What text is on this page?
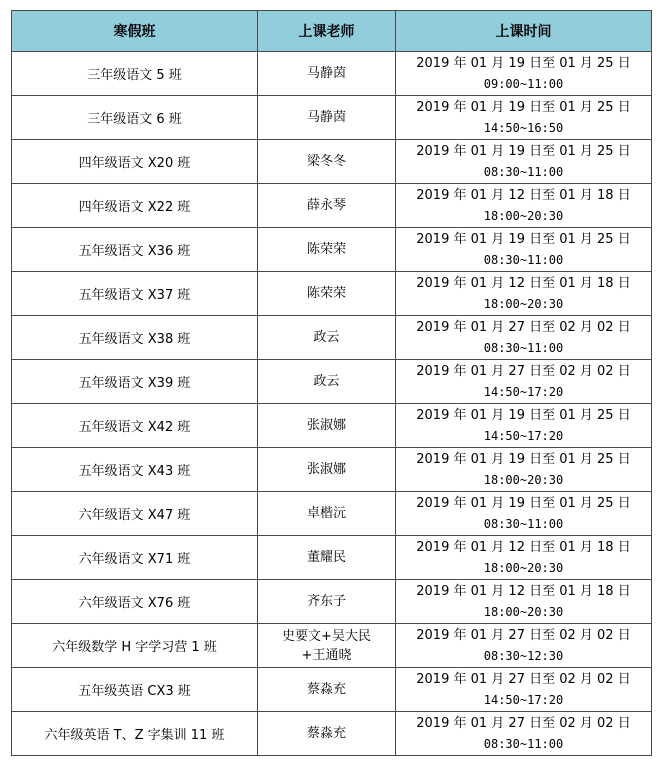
寒假班	上课老师	上课时间
三年级语文 5 班	马静茵	2019 年 01 月 19 日至 01 月 25 日
09:00~11:00

三年级语文 6 班	马静茵	2019 年 01 月 19 日至 01 月 25 日
14:50~16:50

四年级语文 X20 班	梁冬冬	2019 年 01 月 19 日至 01 月 25 日
08:30~11:00

四年级语文 X22 班	薛永琴	2019 年 01 月 12 日至 01 月 18 日
18:00~20:30

五年级语文 X36 班	陈荣荣	2019 年 01 月 19 日至 01 月 25 日
08:30~11:00

五年级语文 X37 班	陈荣荣	2019 年 01 月 12 日至 01 月 18 日
18:00~20:30

五年级语文 X38 班	政云	2019 年 01 月 27 日至 02 月 02 日
08:30~11:00

五年级语文 X39 班	政云	2019 年 01 月 27 日至 02 月 02 日
14:50~17:20

五年级语文 X42 班	张淑娜	2019 年 01 月 19 日至 01 月 25 日
14:50~17:20

五年级语文 X43 班	张淑娜	2019 年 01 月 19 日至 01 月 25 日
18:00~20:30

六年级语文 X47 班	卓楷沅	2019 年 01 月 19 日至 01 月 25 日
08:30~11:00

六年级语文 X71 班	董耀民	2019 年 01 月 12 日至 01 月 18 日
18:00~20:30

六年级语文 X76 班	齐东子	2019 年 01 月 12 日至 01 月 18 日
18:00~20:30

六年级数学 H 字学习营 1 班	史要文+吴大民
+王通晓	2019 年 01 月 27 日至 02 月 02 日
08:30~12:30

五年级英语 CX3 班	蔡淼充	2019 年 01 月 27 日至 02 月 02 日
14:50~17:20

六年级英语 T、Z 字集训 11 班	蔡淼充	2019 年 01 月 27 日至 02 月 02 日
08:30~11:00
